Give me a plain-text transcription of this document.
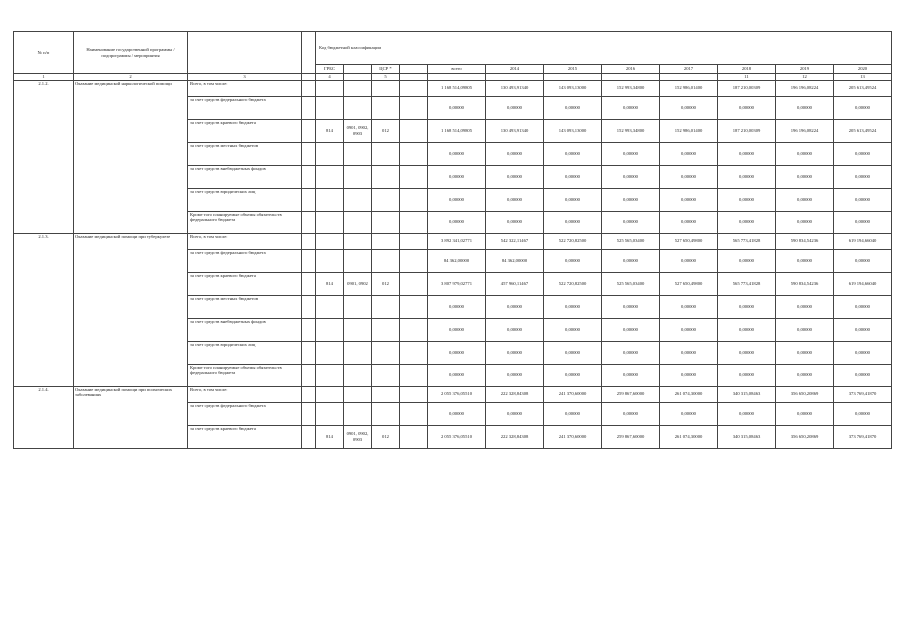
№ п/п	Наименование государственной программы / подпрограммы / мероприятия			Код бюджетной классификации											
				ГРБС		ЦСР *		всего	2014	2015	2016	2017	2018	2019	2020
1	2	3		4		5							11	12	13
2.1.2.	Оказание медицинской наркологической помощи	Всего, в том числе:						1 168 514,09805	130 493,91340	143 093,13000	152 993,34800	152 986,01400	187 210,00309	196 196,08224	205 613,49524
		за счет средств федерального бюджета						0,00000	0,00000	0,00000	0,00000	0,00000	0,00000	0,00000	0,00000
		за счет средств краевого бюджета		814	0901, 0902, 0903	012		1 168 514,09805	130 493,91340	143 093,13000	152 993,34800	152 986,01400	187 210,00309	196 196,08224	205 613,49524
		за счет средств местных бюджетов						0,00000	0,00000	0,00000	0,00000	0,00000	0,00000	0,00000	0,00000
		за счет средств внебюджетных фондов						0,00000	0,00000	0,00000	0,00000	0,00000	0,00000	0,00000	0,00000
		за счет средств юридических лиц						0,00000	0,00000	0,00000	0,00000	0,00000	0,00000	0,00000	0,00000
		Кроме того планируемые объемы обязательств федерального бюджета						0,00000	0,00000	0,00000	0,00000	0,00000	0,00000	0,00000	0,00000
2.1.3.	Оказание медицинской помощи при туберкулезе	Всего, в том числе:						3 892 341,02771	542 322,11467	522 720,82500	525 565,03400	527 650,49800	565 773,41828	590 834,54236	619 194,66040
		за счет средств федерального бюджета						84 362,00000	84 362,00000	0,00000	0,00000	0,00000	0,00000	0,00000	0,00000
		за счет средств краевого бюджета		814	0901, 0902	012		3 807 979,02771	457 960,11467	522 720,82500	525 565,03400	527 650,49800	565 773,41828	590 834,54236	619 194,66040
		за счет средств местных бюджетов						0,00000	0,00000	0,00000	0,00000	0,00000	0,00000	0,00000	0,00000
		за счет средств внебюджетных фондов						0,00000	0,00000	0,00000	0,00000	0,00000	0,00000	0,00000	0,00000
		за счет средств юридических лиц						0,00000	0,00000	0,00000	0,00000	0,00000	0,00000	0,00000	0,00000
		Кроме того планируемые объемы обязательств федерального бюджета						0,00000	0,00000	0,00000	0,00000	0,00000	0,00000	0,00000	0,00000
2.1.4.	Оказание медицинской помощи при психических заболеваниях	Всего, в том числе:						2 055 376,05510	222 328,84308	241 370,60000	259 867,60000	261 074,30000	340 315,08463	356 650,20869	373 769,41870
		за счет средств федерального бюджета						0,00000	0,00000	0,00000	0,00000	0,00000	0,00000	0,00000	0,00000
		за счет средств краевого бюджета		814	0901, 0902, 0903	012		2 055 376,05510	222 328,84308	241 370,60000	259 867,60000	261 074,30000	340 315,08463	356 650,20869	373 769,41870
